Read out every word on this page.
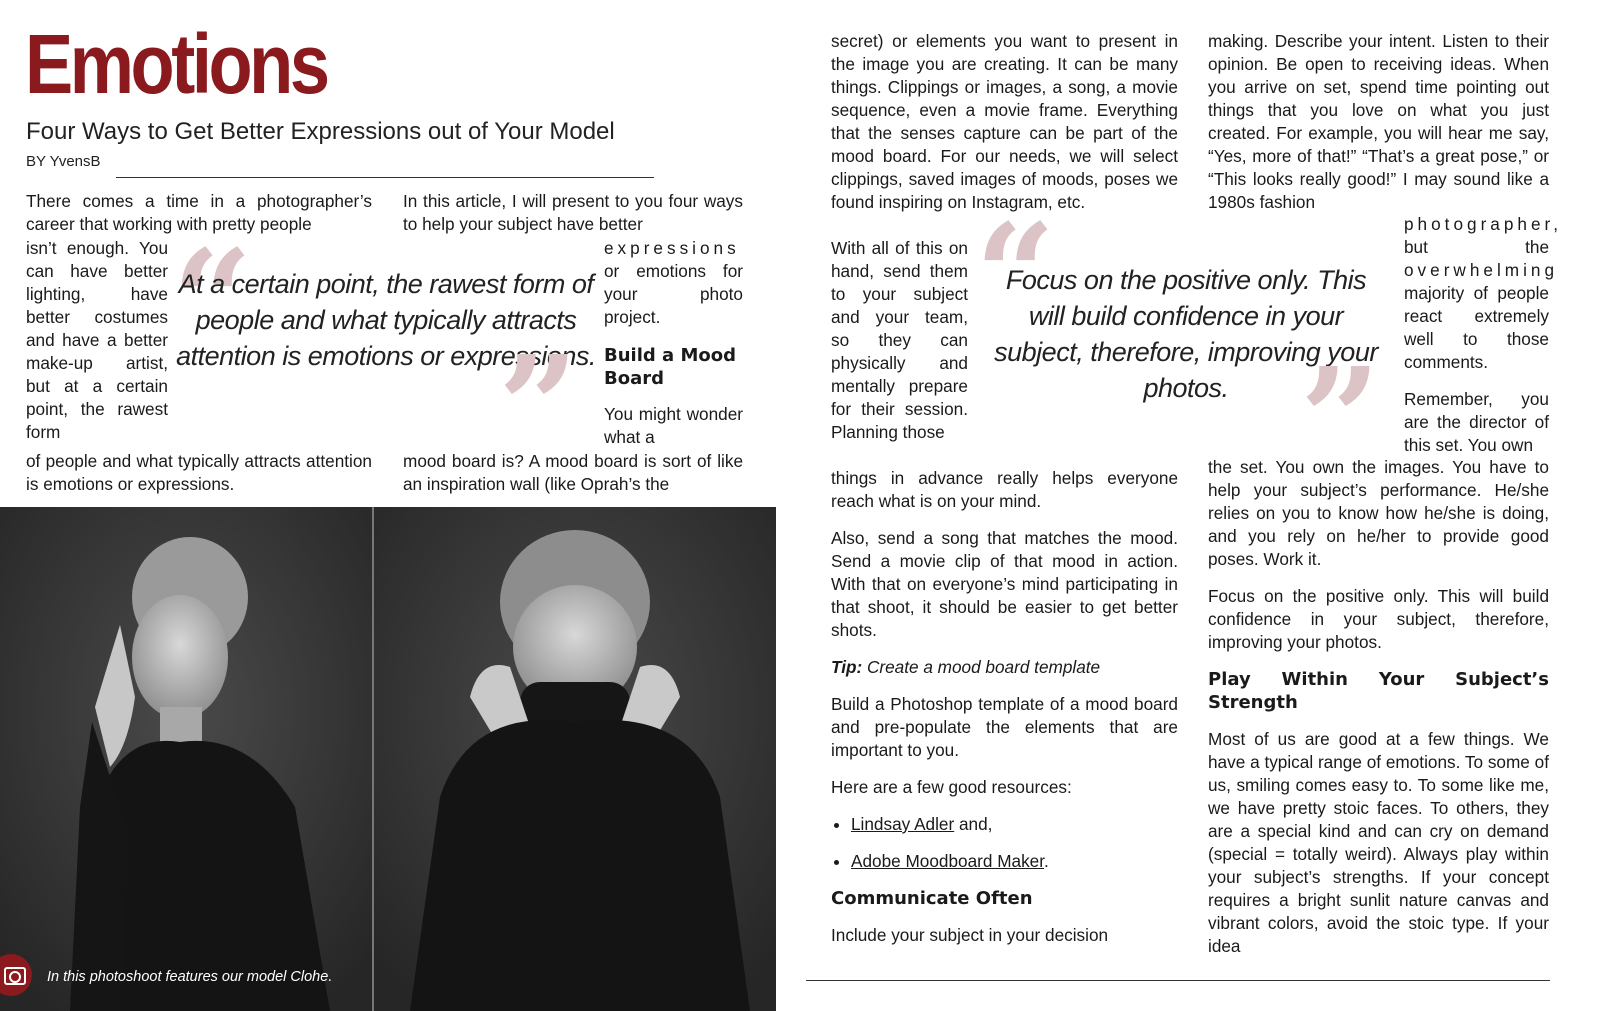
Emotions
Four Ways to Get Better Expressions out of Your Model
BY YvensB

There comes a time in a photographer’s career that working with pretty people

isn’t enough. You can have better lighting, have better costumes and have a better make-up artist, but at a certain point, the rawest form

of people and what typically attracts attention is emotions or expressions.

In this article, I will present to you four ways to help your subject have better

expressions

or emotions for your photo project.

Build a Mood Board

You might wonder what a

mood board is? A mood board is sort of like an inspiration wall (like Oprah’s the

“
At a certain point, the rawest form of people and what typically attracts attention is emotions or expressions.
”
In this photoshoot features our model Clohe.

secret) or elements you want to present in the image you are creating. It can be many things. Clippings or images, a song, a movie sequence, even a movie frame. Everything that the senses capture can be part of the mood board. For our needs, we will select clippings, saved images of moods, poses we found inspiring on Instagram, etc.

With all of this on hand, send them to your subject and your team, so they can physically and mentally prepare for their session. Planning those

things in advance really helps everyone reach what is on your mind.

Also, send a song that matches the mood. Send a movie clip of that mood in action. With that on everyone’s mind participating in that shoot, it should be easier to get better shots.

Tip: Create a mood board template

Build a Photoshop template of a mood board and pre-populate the elements that are important to you.

Here are a few good resources:

• Lindsay Adler and,
• Adobe Moodboard Maker.
Communicate Often

Include your subject in your decision

“
Focus on the positive only. This will build confidence in your subject, therefore, improving your photos. ”

making. Describe your intent. Listen to their opinion. Be open to receiving ideas. When you arrive on set, spend time pointing out things that you love on what you just created. For example, you will hear me say, “Yes, more of that!” “That’s a great pose,” or “This looks really good!” I may sound like a 1980s fashion

photographer,

but the

overwhelming

majority of people react extremely well to those comments.

Remember, you are the director of this set. You own

the set. You own the images. You have to help your subject’s performance. He/she relies on you to know how he/she is doing, and you rely on he/her to provide good poses. Work it.

Focus on the positive only. This will build confidence in your subject, therefore, improving your photos.

Play Within Your Subject’s Strength

Most of us are good at a few things. We have a typical range of emotions. To some of us, smiling comes easy to. To some like me, we have pretty stoic faces. To others, they are a special kind and can cry on demand (special = totally weird). Always play within your subject’s strengths. If your concept requires a bright sunlit nature canvas and vibrant colors, avoid the stoic type. If your idea
